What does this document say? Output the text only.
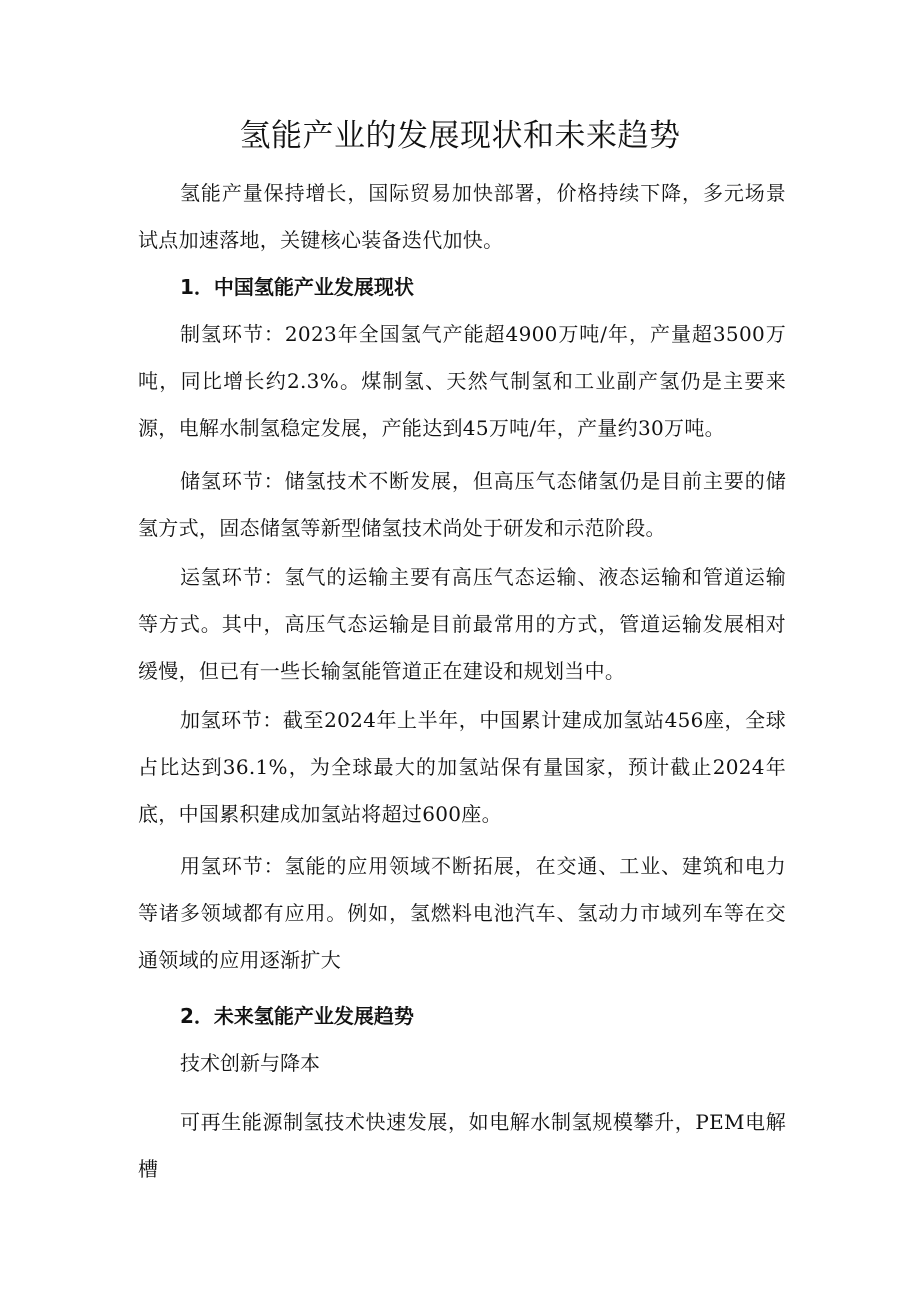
氢能产业的发展现状和未来趋势

氢能产量保持增长，国际贸易加快部署，价格持续下降，多元场景试点加速落地，关键核心装备迭代加快。

1．中国氢能产业发展现状

制氢环节：2023年全国氢气产能超4900万吨/年，产量超3500万吨，同比增长约2.3%。煤制氢、天然气制氢和工业副产氢仍是主要来源，电解水制氢稳定发展，产能达到45万吨/年，产量约30万吨。

储氢环节：储氢技术不断发展，但高压气态储氢仍是目前主要的储氢方式，固态储氢等新型储氢技术尚处于研发和示范阶段。

运氢环节：氢气的运输主要有高压气态运输、液态运输和管道运输等方式。其中，高压气态运输是目前最常用的方式，管道运输发展相对缓慢，但已有一些长输氢能管道正在建设和规划当中。

加氢环节：截至2024年上半年，中国累计建成加氢站456座，全球占比达到36.1%，为全球最大的加氢站保有量国家，预计截止2024年底，中国累积建成加氢站将超过600座。

用氢环节：氢能的应用领域不断拓展，在交通、工业、建筑和电力等诸多领域都有应用。例如，氢燃料电池汽车、氢动力市域列车等在交通领域的应用逐渐扩大

2．未来氢能产业发展趋势

技术创新与降本

可再生能源制氢技术快速发展，如电解水制氢规模攀升，PEM电解槽
